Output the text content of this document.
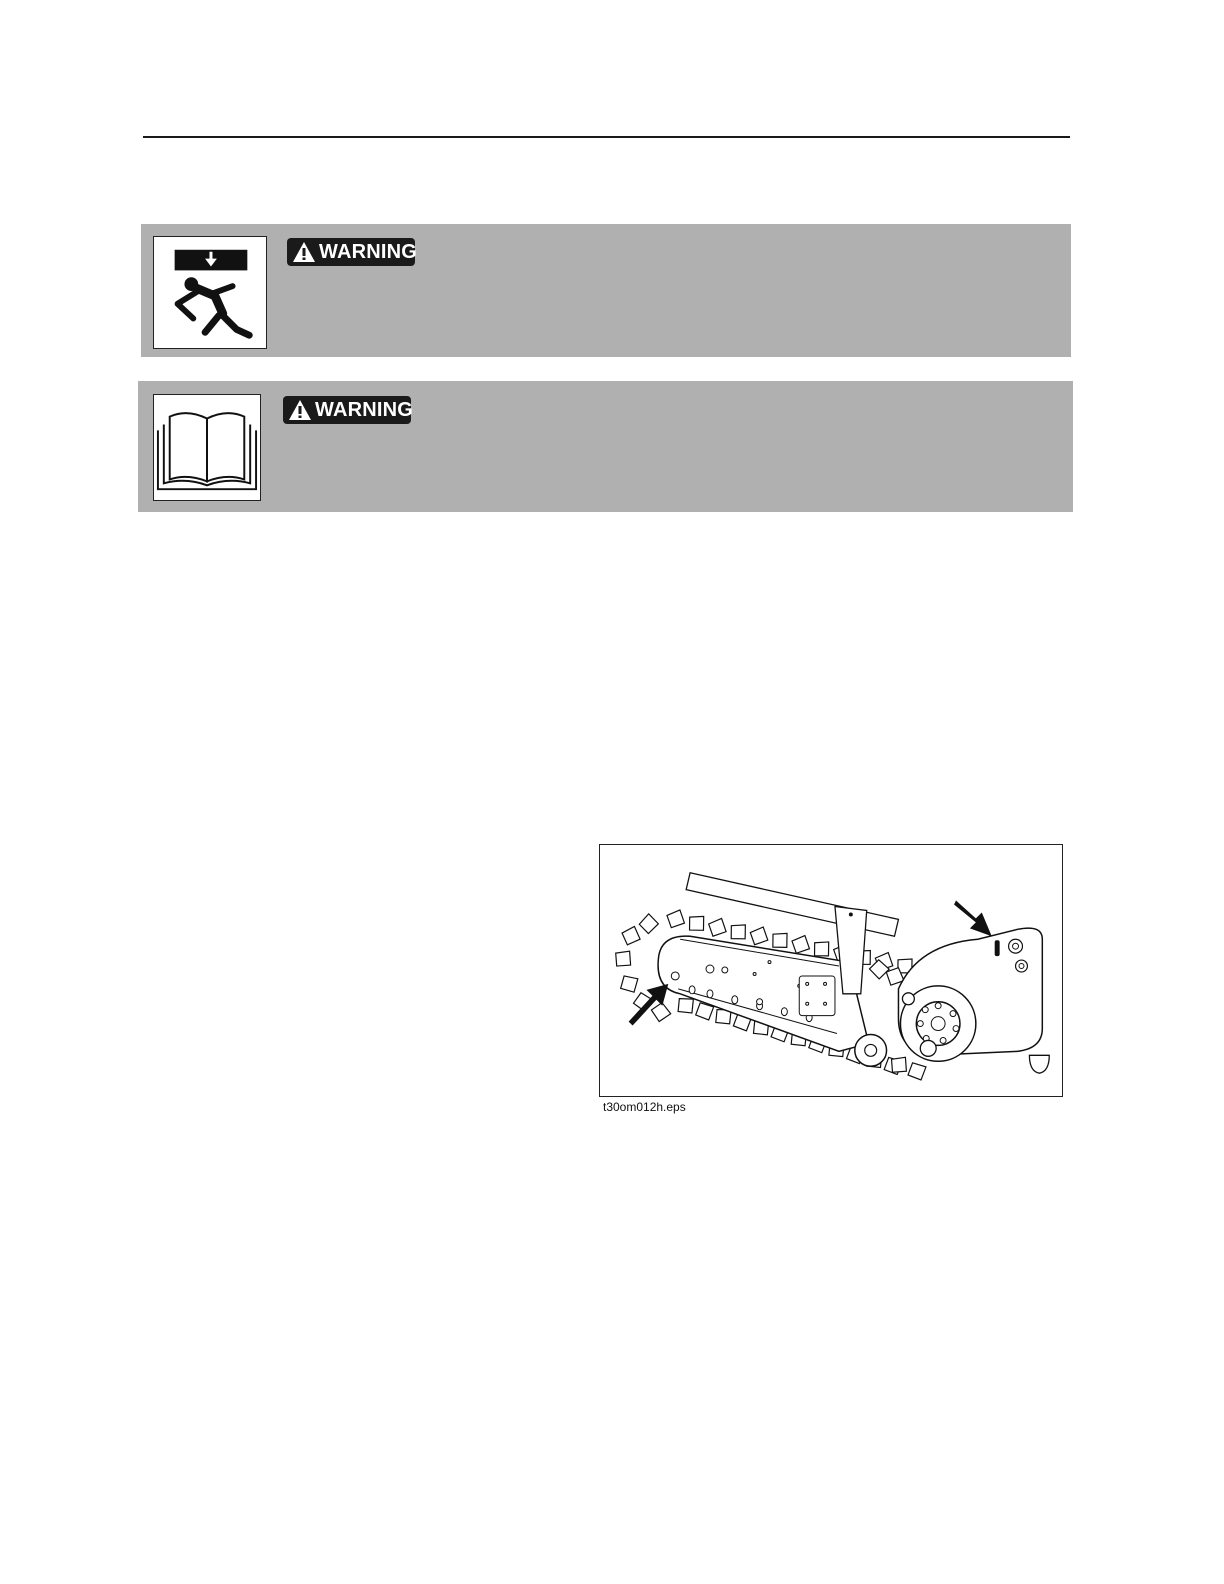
WARNING
WARNING
t30om012h.eps
